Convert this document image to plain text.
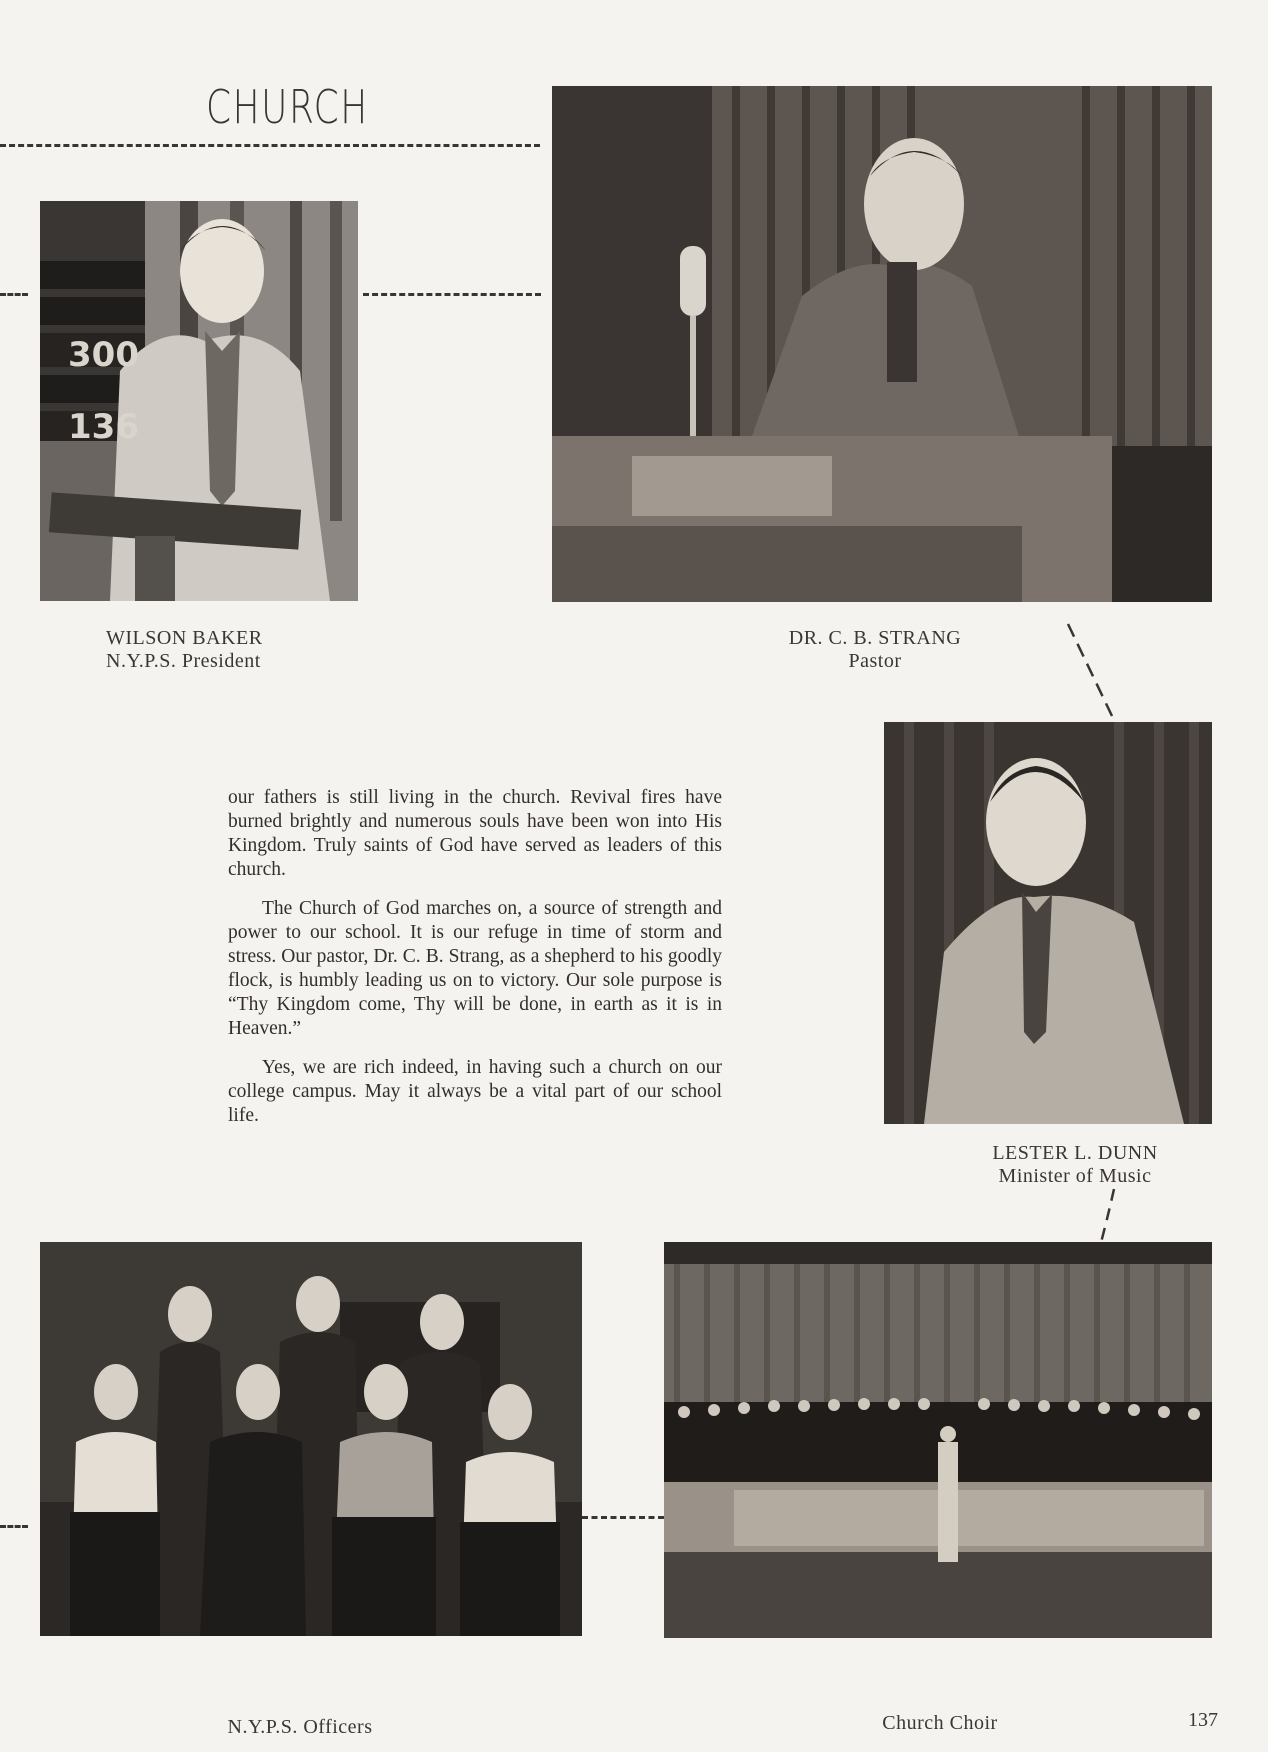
CHURCH
300
136
WILSON BAKER
N.Y.P.S. President
DR. C. B. STRANG
Pastor
LESTER L. DUNN
Minister of Music

our fathers is still living in the church. Revival fires have burned brightly and numerous souls have been won into His Kingdom. Truly saints of God have served as leaders of this church.

The Church of God marches on, a source of strength and power to our school. It is our refuge in time of storm and stress. Our pastor, Dr. C. B. Strang, as a shepherd to his goodly flock, is humbly leading us on to victory. Our sole purpose is “Thy Kingdom come, Thy will be done, in earth as it is in Heaven.”

Yes, we are rich indeed, in having such a church on our college campus. May it always be a vital part of our school life.

N.Y.P.S. Officers	Church Choir	137
